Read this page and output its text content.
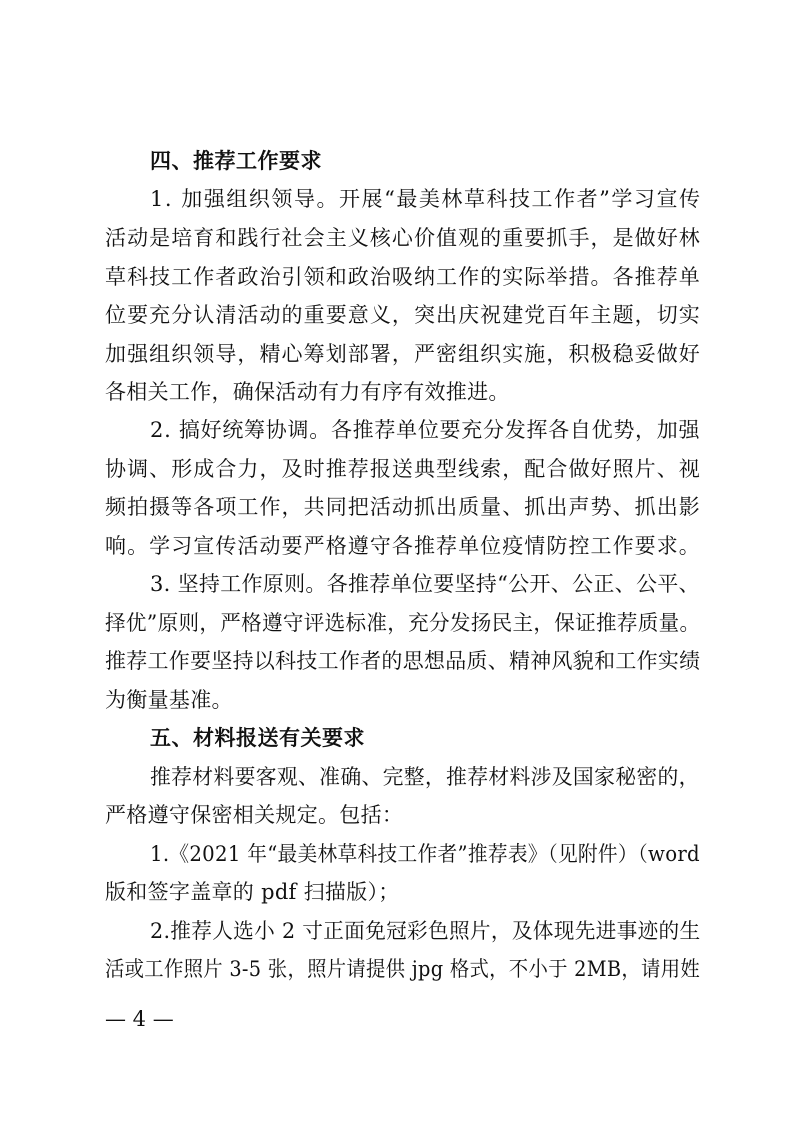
四、推荐工作要求
1. 加强组织领导。开展“最美林草科技工作者”学习宣传
活动是培育和践行社会主义核心价值观的重要抓手，是做好林
草科技工作者政治引领和政治吸纳工作的实际举措。各推荐单
位要充分认清活动的重要意义，突出庆祝建党百年主题，切实
加强组织领导，精心筹划部署，严密组织实施，积极稳妥做好
各相关工作，确保活动有力有序有效推进。
2. 搞好统筹协调。各推荐单位要充分发挥各自优势，加强
协调、形成合力，及时推荐报送典型线索，配合做好照片、视
频拍摄等各项工作，共同把活动抓出质量、抓出声势、抓出影
响。学习宣传活动要严格遵守各推荐单位疫情防控工作要求。
3. 坚持工作原则。各推荐单位要坚持“公开、公正、公平、
择优”原则，严格遵守评选标准，充分发扬民主，保证推荐质量。
推荐工作要坚持以科技工作者的思想品质、精神风貌和工作实绩
为衡量基准。
五、材料报送有关要求
推荐材料要客观、准确、完整，推荐材料涉及国家秘密的，
严格遵守保密相关规定。包括：
1.《2021 年“最美林草科技工作者”推荐表》（见附件）（word
版和签字盖章的 pdf 扫描版）；
2.推荐人选小 2 寸正面免冠彩色照片，及体现先进事迹的生
活或工作照片 3-5 张，照片请提供 jpg 格式，不小于 2MB，请用姓
— 4 —
